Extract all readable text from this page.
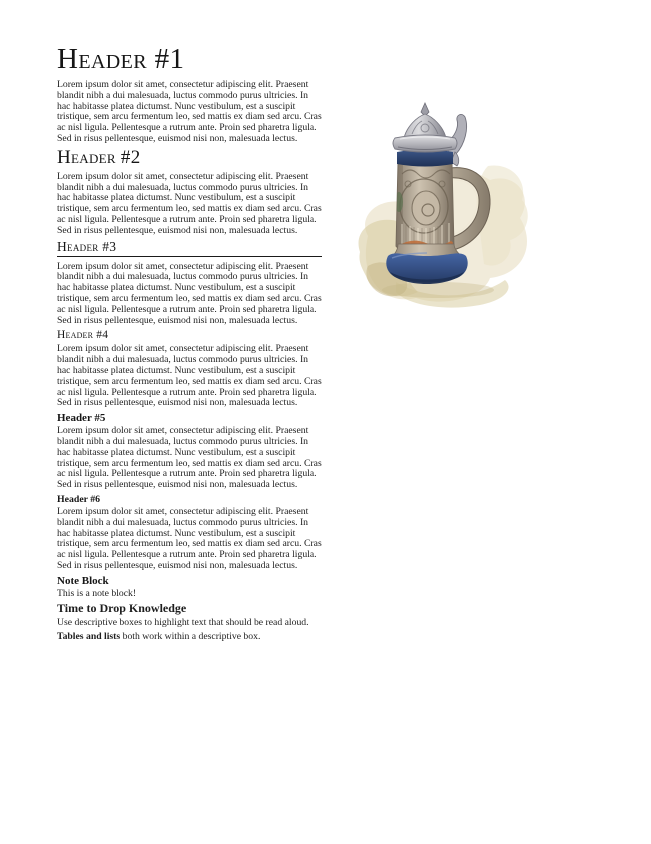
Header #1

Lorem ipsum dolor sit amet, consectetur adipiscing elit. Praesent blandit nibh a dui malesuada, luctus commodo purus ultricies. In hac habitasse platea dictumst. Nunc vestibulum, est a suscipit tristique, sem arcu fermentum leo, sed mattis ex diam sed arcu. Cras ac nisl ligula. Pellentesque a rutrum ante. Proin sed pharetra ligula. Sed in risus pellentesque, euismod nisi non, malesuada lectus.

Header #2

Lorem ipsum dolor sit amet, consectetur adipiscing elit. Praesent blandit nibh a dui malesuada, luctus commodo purus ultricies. In hac habitasse platea dictumst. Nunc vestibulum, est a suscipit tristique, sem arcu fermentum leo, sed mattis ex diam sed arcu. Cras ac nisl ligula. Pellentesque a rutrum ante. Proin sed pharetra ligula. Sed in risus pellentesque, euismod nisi non, malesuada lectus.

Header #3

Lorem ipsum dolor sit amet, consectetur adipiscing elit. Praesent blandit nibh a dui malesuada, luctus commodo purus ultricies. In hac habitasse platea dictumst. Nunc vestibulum, est a suscipit tristique, sem arcu fermentum leo, sed mattis ex diam sed arcu. Cras ac nisl ligula. Pellentesque a rutrum ante. Proin sed pharetra ligula. Sed in risus pellentesque, euismod nisi non, malesuada lectus.

Header #4

Lorem ipsum dolor sit amet, consectetur adipiscing elit. Praesent blandit nibh a dui malesuada, luctus commodo purus ultricies. In hac habitasse platea dictumst. Nunc vestibulum, est a suscipit tristique, sem arcu fermentum leo, sed mattis ex diam sed arcu. Cras ac nisl ligula. Pellentesque a rutrum ante. Proin sed pharetra ligula. Sed in risus pellentesque, euismod nisi non, malesuada lectus.

Header #5

Lorem ipsum dolor sit amet, consectetur adipiscing elit. Praesent blandit nibh a dui malesuada, luctus commodo purus ultricies. In hac habitasse platea dictumst. Nunc vestibulum, est a suscipit tristique, sem arcu fermentum leo, sed mattis ex diam sed arcu. Cras ac nisl ligula. Pellentesque a rutrum ante. Proin sed pharetra ligula. Sed in risus pellentesque, euismod nisi non, malesuada lectus.

Header #6

Lorem ipsum dolor sit amet, consectetur adipiscing elit. Praesent blandit nibh a dui malesuada, luctus commodo purus ultricies. In hac habitasse platea dictumst. Nunc vestibulum, est a suscipit tristique, sem arcu fermentum leo, sed mattis ex diam sed arcu. Cras ac nisl ligula. Pellentesque a rutrum ante. Proin sed pharetra ligula. Sed in risus pellentesque, euismod nisi non, malesuada lectus.

Note Block

This is a note block!

Time to Drop Knowledge

Use descriptive boxes to highlight text that should be read aloud.

Tables and lists both work within a descriptive box.
